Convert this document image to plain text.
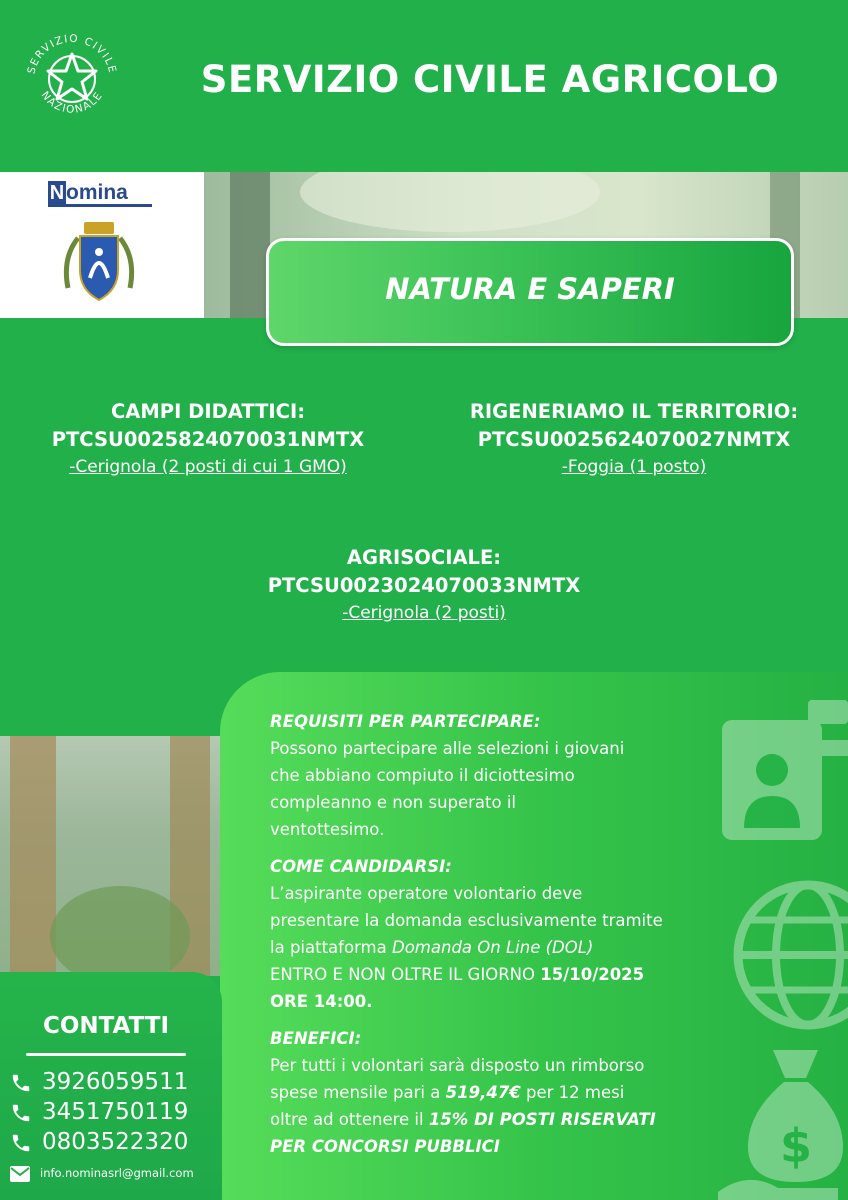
SERVIZIO CIVILE
NAZIONALE	SERVIZIO CIVILE AGRICOLO
N omina
NATURA E SAPERI
CAMPI DIDATTICI:
PTCSU0025824070031NMTX
-Cerignola (2 posti di cui 1 GMO)
RIGENERIAMO IL TERRITORIO:
PTCSU0025624070027NMTX
-Foggia (1 posto)
AGRISOCIALE:
PTCSU0023024070033NMTX
-Cerignola (2 posti)
$
REQUISITI PER PARTECIPARE:
Possono partecipare alle selezioni i giovani
che abbiano compiuto il diciottesimo
compleanno e non superato il
ventottesimo.
COME CANDIDARSI:
L’aspirante operatore volontario deve
presentare la domanda esclusivamente tramite
la piattaforma Domanda On Line (DOL)
ENTRO E NON OLTRE IL GIORNO 15/10/2025
ORE 14:00.
BENEFICI:
Per tutti i volontari sarà disposto un rimborso
spese mensile pari a 519,47€ per 12 mesi
oltre ad ottenere il 15% DI POSTI RISERVATI
PER CONCORSI PUBBLICI
CONTATTI
3926059511
3451750119
0803522320
info.nominasrl@gmail.com
